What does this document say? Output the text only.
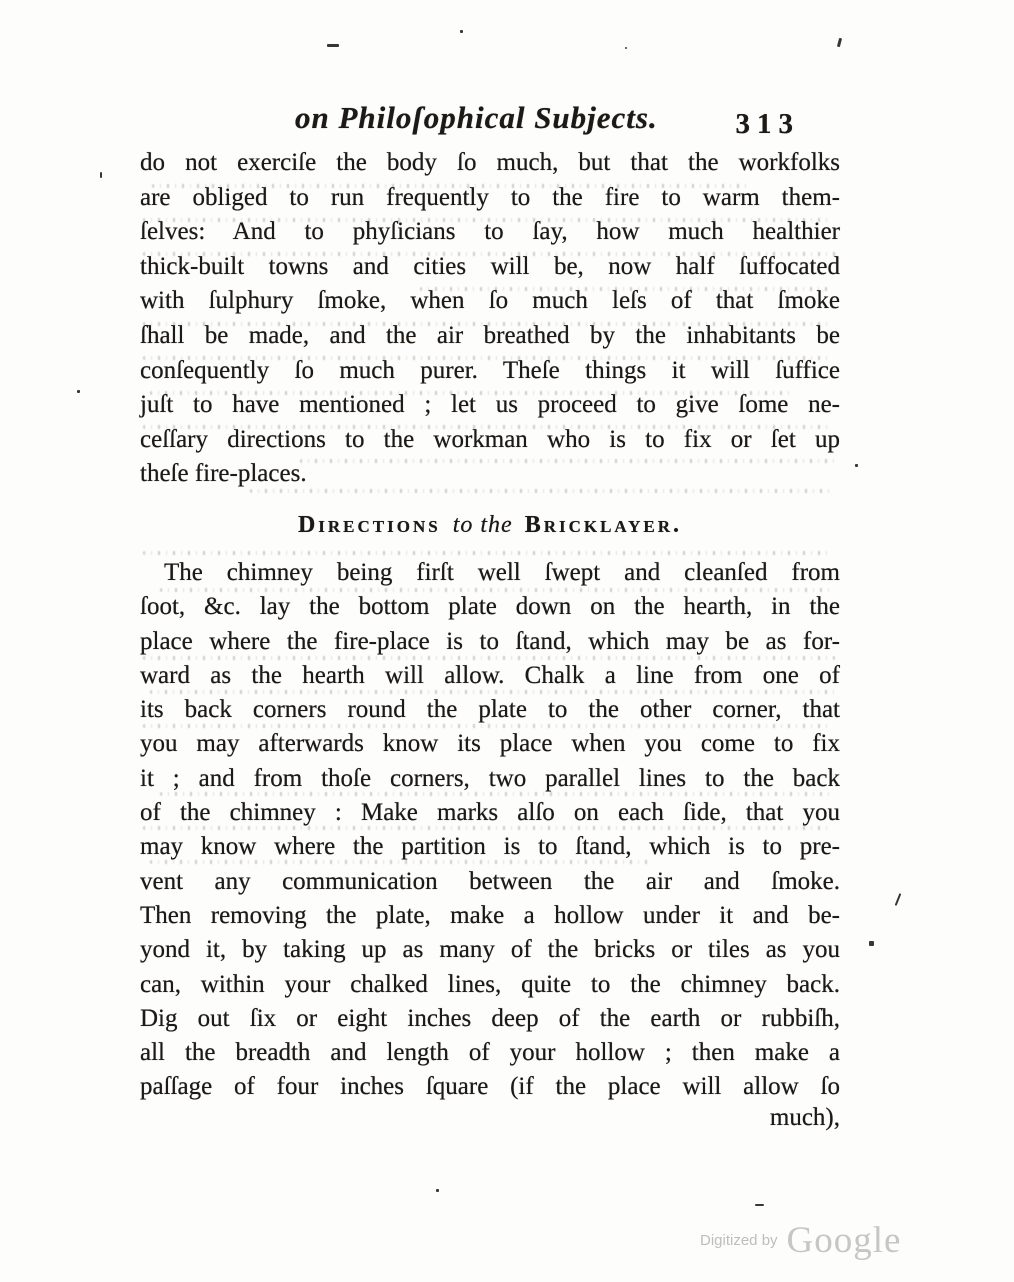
on Philoſophical Subjects.	313
do not exerciſe the body ſo much, but that the workfolks
are obliged to run frequently to the fire to warm them-
ſelves: And to phyſicians to ſay, how much healthier
thick-built towns and cities will be, now half ſuffocated
with ſulphury ſmoke, when ſo much leſs of that ſmoke
ſhall be made, and the air breathed by the inhabitants be
conſequently ſo much purer. Theſe things it will ſuffice
juſt to have mentioned ; let us proceed to give ſome ne-
ceſſary directions to the workman who is to fix or ſet up
theſe fire-places.
Directions to the Bricklayer.
The chimney being firſt well ſwept and cleanſed from
ſoot, &c. lay the bottom plate down on the hearth, in the
place where the fire-place is to ſtand, which may be as for-
ward as the hearth will allow. Chalk a line from one of
its back corners round the plate to the other corner, that
you may afterwards know its place when you come to fix
it ; and from thoſe corners, two parallel lines to the back
of the chimney : Make marks alſo on each ſide, that you
may know where the partition is to ſtand, which is to pre-
vent any communication between the air and ſmoke.
Then removing the plate, make a hollow under it and be-
yond it, by taking up as many of the bricks or tiles as you
can, within your chalked lines, quite to the chimney back.
Dig out ſix or eight inches deep of the earth or rubbiſh,
all the breadth and length of your hollow ; then make a
paſſage of four inches ſquare (if the place will allow ſo
much),
Digitized by Google
